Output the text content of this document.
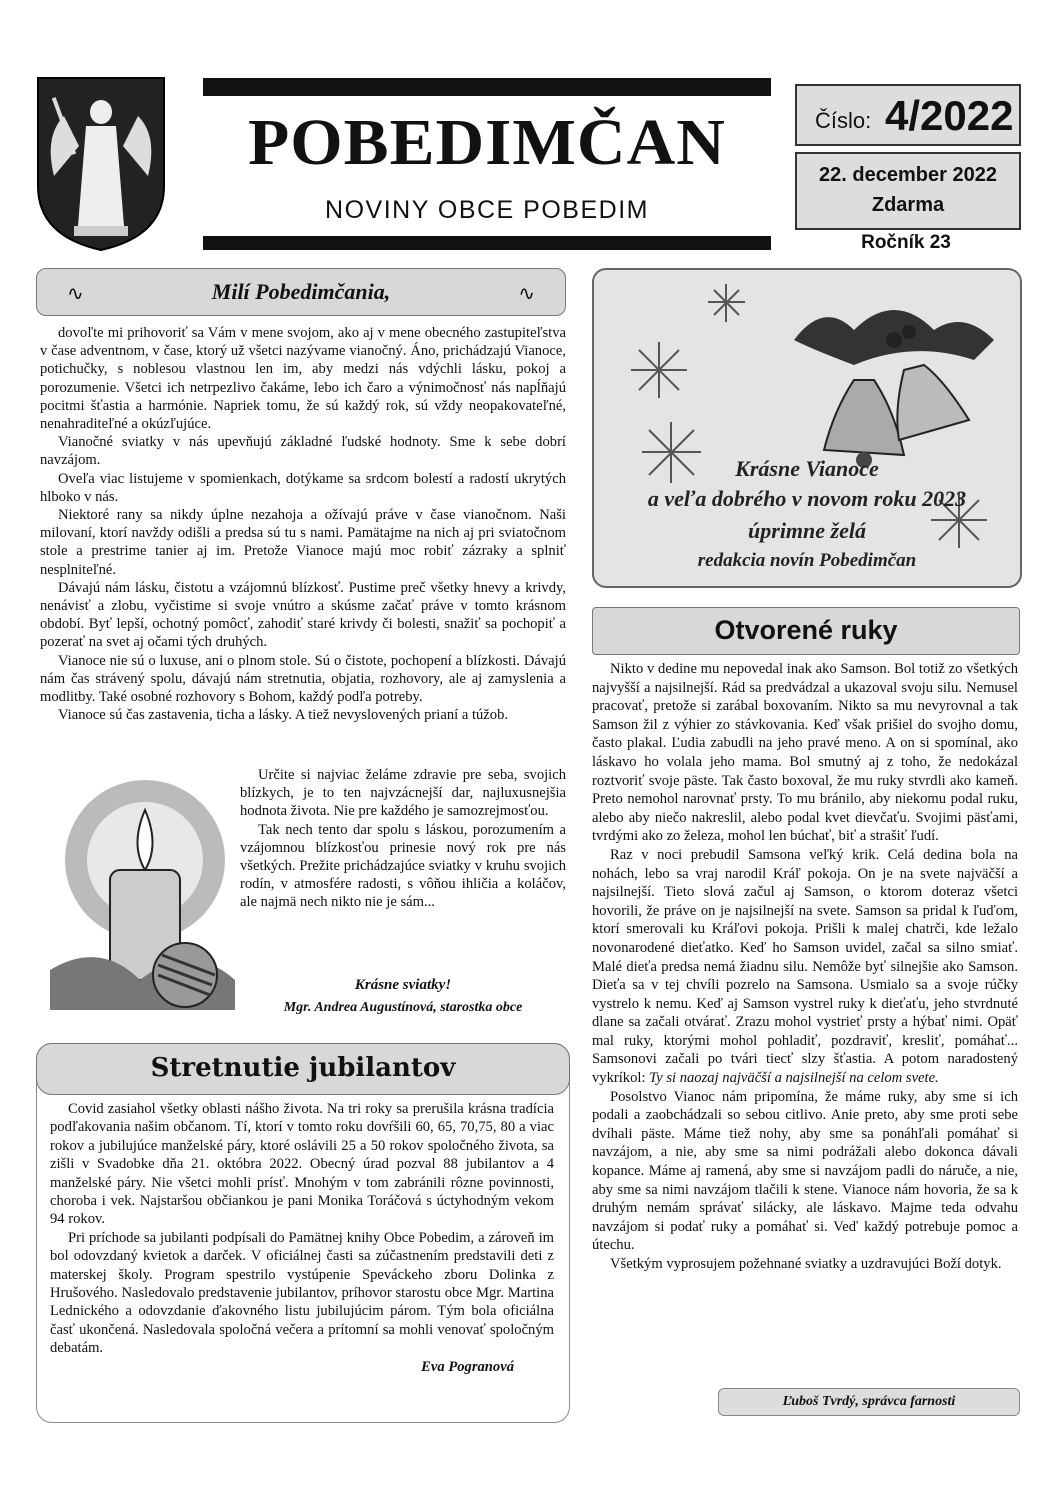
POBEDIMČAN
NOVINY OBCE POBEDIM
Číslo: 4/2022
22. december 2022
Zdarma
Ročník 23
∿	Milí Pobedimčania,	∿

dovoľte mi prihovoriť sa Vám v mene svojom, ako aj v mene obecného zastupiteľstva v čase adventnom, v čase, ktorý už všetci nazývame vianočný. Áno, prichádzajú Vianoce, potichučky, s noblesou vlastnou len im, aby medzi nás vdýchli lásku, pokoj a porozumenie. Všetci ich netrpezlivo čakáme, lebo ich čaro a výnimočnosť nás napĺňajú pocitmi šťastia a harmónie. Napriek tomu, že sú každý rok, sú vždy neopakovateľné, nenahraditeľné a okúzľujúce.

Vianočné sviatky v nás upevňujú základné ľudské hodnoty. Sme k sebe dobrí navzájom.

Oveľa viac listujeme v spomienkach, dotýkame sa srdcom bolestí a radostí ukrytých hlboko v nás.

Niektoré rany sa nikdy úplne nezahoja a ožívajú práve v čase vianočnom. Naši milovaní, ktorí navždy odišli a predsa sú tu s nami. Pamätajme na nich aj pri sviatočnom stole a prestrime tanier aj im. Pretože Vianoce majú moc robiť zázraky a splniť nesplniteľné.

Dávajú nám lásku, čistotu a vzájomnú blízkosť. Pustime preč všetky hnevy a krivdy, nenávisť a zlobu, vyčistime si svoje vnútro a skúsme začať práve v tomto krásnom období. Byť lepší, ochotný pomôcť, zahodiť staré krivdy či bolesti, snažiť sa pochopiť a pozerať na svet aj očami tých druhých.

Vianoce nie sú o luxuse, ani o plnom stole. Sú o čistote, pochopení a blízkosti. Dávajú nám čas strávený spolu, dávajú nám stretnutia, objatia, rozhovory, ale aj zamyslenia a modlitby. Také osobné rozhovory s Bohom, každý podľa potreby.

Vianoce sú čas zastavenia, ticha a lásky. A tiež nevyslovených prianí a túžob.

Určite si najviac želáme zdravie pre seba, svojich blízkych, je to ten najvzácnejší dar, najluxusnejšia hodnota života. Nie pre každého je samozrejmosťou.

Tak nech tento dar spolu s láskou, porozumením a vzájomnou blízkosťou prinesie nový rok pre nás všetkých. Prežite prichádzajúce sviatky v kruhu svojich rodín, v atmosfére radosti, s vôňou ihličia a koláčov, ale najmä nech nikto nie je sám...

Krásne sviatky!
Mgr. Andrea Augustínová, starostka obce
Krásne Vianoce
a veľa dobrého v novom roku 2023
úprimne želá
redakcia novín Pobedimčan
Otvorené ruky

Nikto v dedine mu nepovedal inak ako Samson. Bol totiž zo všetkých najvyšší a najsilnejší. Rád sa predvádzal a ukazoval svoju silu. Nemusel pracovať, pretože si zarábal boxovaním. Nikto sa mu nevyrovnal a tak Samson žil z výhier zo stávkovania. Keď však prišiel do svojho domu, často plakal. Ľudia zabudli na jeho pravé meno. A on si spomínal, ako láskavo ho volala jeho mama. Bol smutný aj z toho, že nedokázal roztvoriť svoje päste. Tak často boxoval, že mu ruky stvrdli ako kameň. Preto nemohol narovnať prsty. To mu bránilo, aby niekomu podal ruku, alebo aby niečo nakreslil, alebo podal kvet dievčaťu. Svojimi päsťami, tvrdými ako zo železa, mohol len búchať, biť a strašiť ľudí.

Raz v noci prebudil Samsona veľký krik. Celá dedina bola na nohách, lebo sa vraj narodil Kráľ pokoja. On je na svete najväčší a najsilnejší. Tieto slová začul aj Samson, o ktorom doteraz všetci hovorili, že práve on je najsilnejší na svete. Samson sa pridal k ľuďom, ktorí smerovali ku Kráľovi pokoja. Prišli k malej chatrči, kde ležalo novonarodené dieťatko. Keď ho Samson uvidel, začal sa silno smiať. Malé dieťa predsa nemá žiadnu silu. Nemôže byť silnejšie ako Samson. Dieťa sa v tej chvíli pozrelo na Samsona. Usmialo sa a svoje rúčky vystrelo k nemu. Keď aj Samson vystrel ruky k dieťaťu, jeho stvrdnuté dlane sa začali otvárať. Zrazu mohol vystrieť prsty a hýbať nimi. Opäť mal ruky, ktorými mohol pohladiť, pozdraviť, kresliť, pomáhať... Samsonovi začali po tvári tiecť slzy šťastia. A potom naradostený vykríkol: Ty si naozaj najväčší a najsilnejší na celom svete.

Posolstvo Vianoc nám pripomína, že máme ruky, aby sme si ich podali a zaobchádzali so sebou citlivo. Anie preto, aby sme proti sebe dvíhali päste. Máme tiež nohy, aby sme sa ponáhľali pomáhať si navzájom, a nie, aby sme sa nimi podrážali alebo dokonca dávali kopance. Máme aj ramená, aby sme si navzájom padli do náruče, a nie, aby sme sa nimi navzájom tlačili k stene. Vianoce nám hovoria, že sa k druhým nemám správať silácky, ale láskavo. Majme teda odvahu navzájom si podať ruky a pomáhať si. Veď každý potrebuje pomoc a útechu.

Všetkým vyprosujem požehnané sviatky a uzdravujúci Boží dotyk.

Ľuboš Tvrdý, správca farnosti
Stretnutie jubilantov

Covid zasiahol všetky oblasti nášho života. Na tri roky sa prerušila krásna tradícia podľakovania našim občanom. Tí, ktorí v tomto roku dovŕšili 60, 65, 70,75, 80 a viac rokov a jubilujúce manželské páry, ktoré oslávili 25 a 50 rokov spoločného života, sa zišli v Svadobke dňa 21. októbra 2022. Obecný úrad pozval 88 jubilantov a 4 manželské páry. Nie všetci mohli prísť. Mnohým v tom zabránili rôzne povinnosti, choroba i vek. Najstaršou občiankou je pani Monika Toráčová s úctyhodným vekom 94 rokov.

Pri príchode sa jubilanti podpísali do Pamätnej knihy Obce Pobedim, a zároveň im bol odovzdaný kvietok a darček. V oficiálnej časti sa zúčastnením predstavili deti z materskej školy. Program spestrilo vystúpenie Speváckeho zboru Dolinka z Hrušového. Nasledovalo predstavenie jubilantov, príhovor starostu obce Mgr. Martina Lednického a odovzdanie ďakovného listu jubilujúcim párom. Tým bola oficiálna časť ukončená. Nasledovala spoločná večera a prítomní sa mohli venovať spoločným debatám.

Eva Pogranová
